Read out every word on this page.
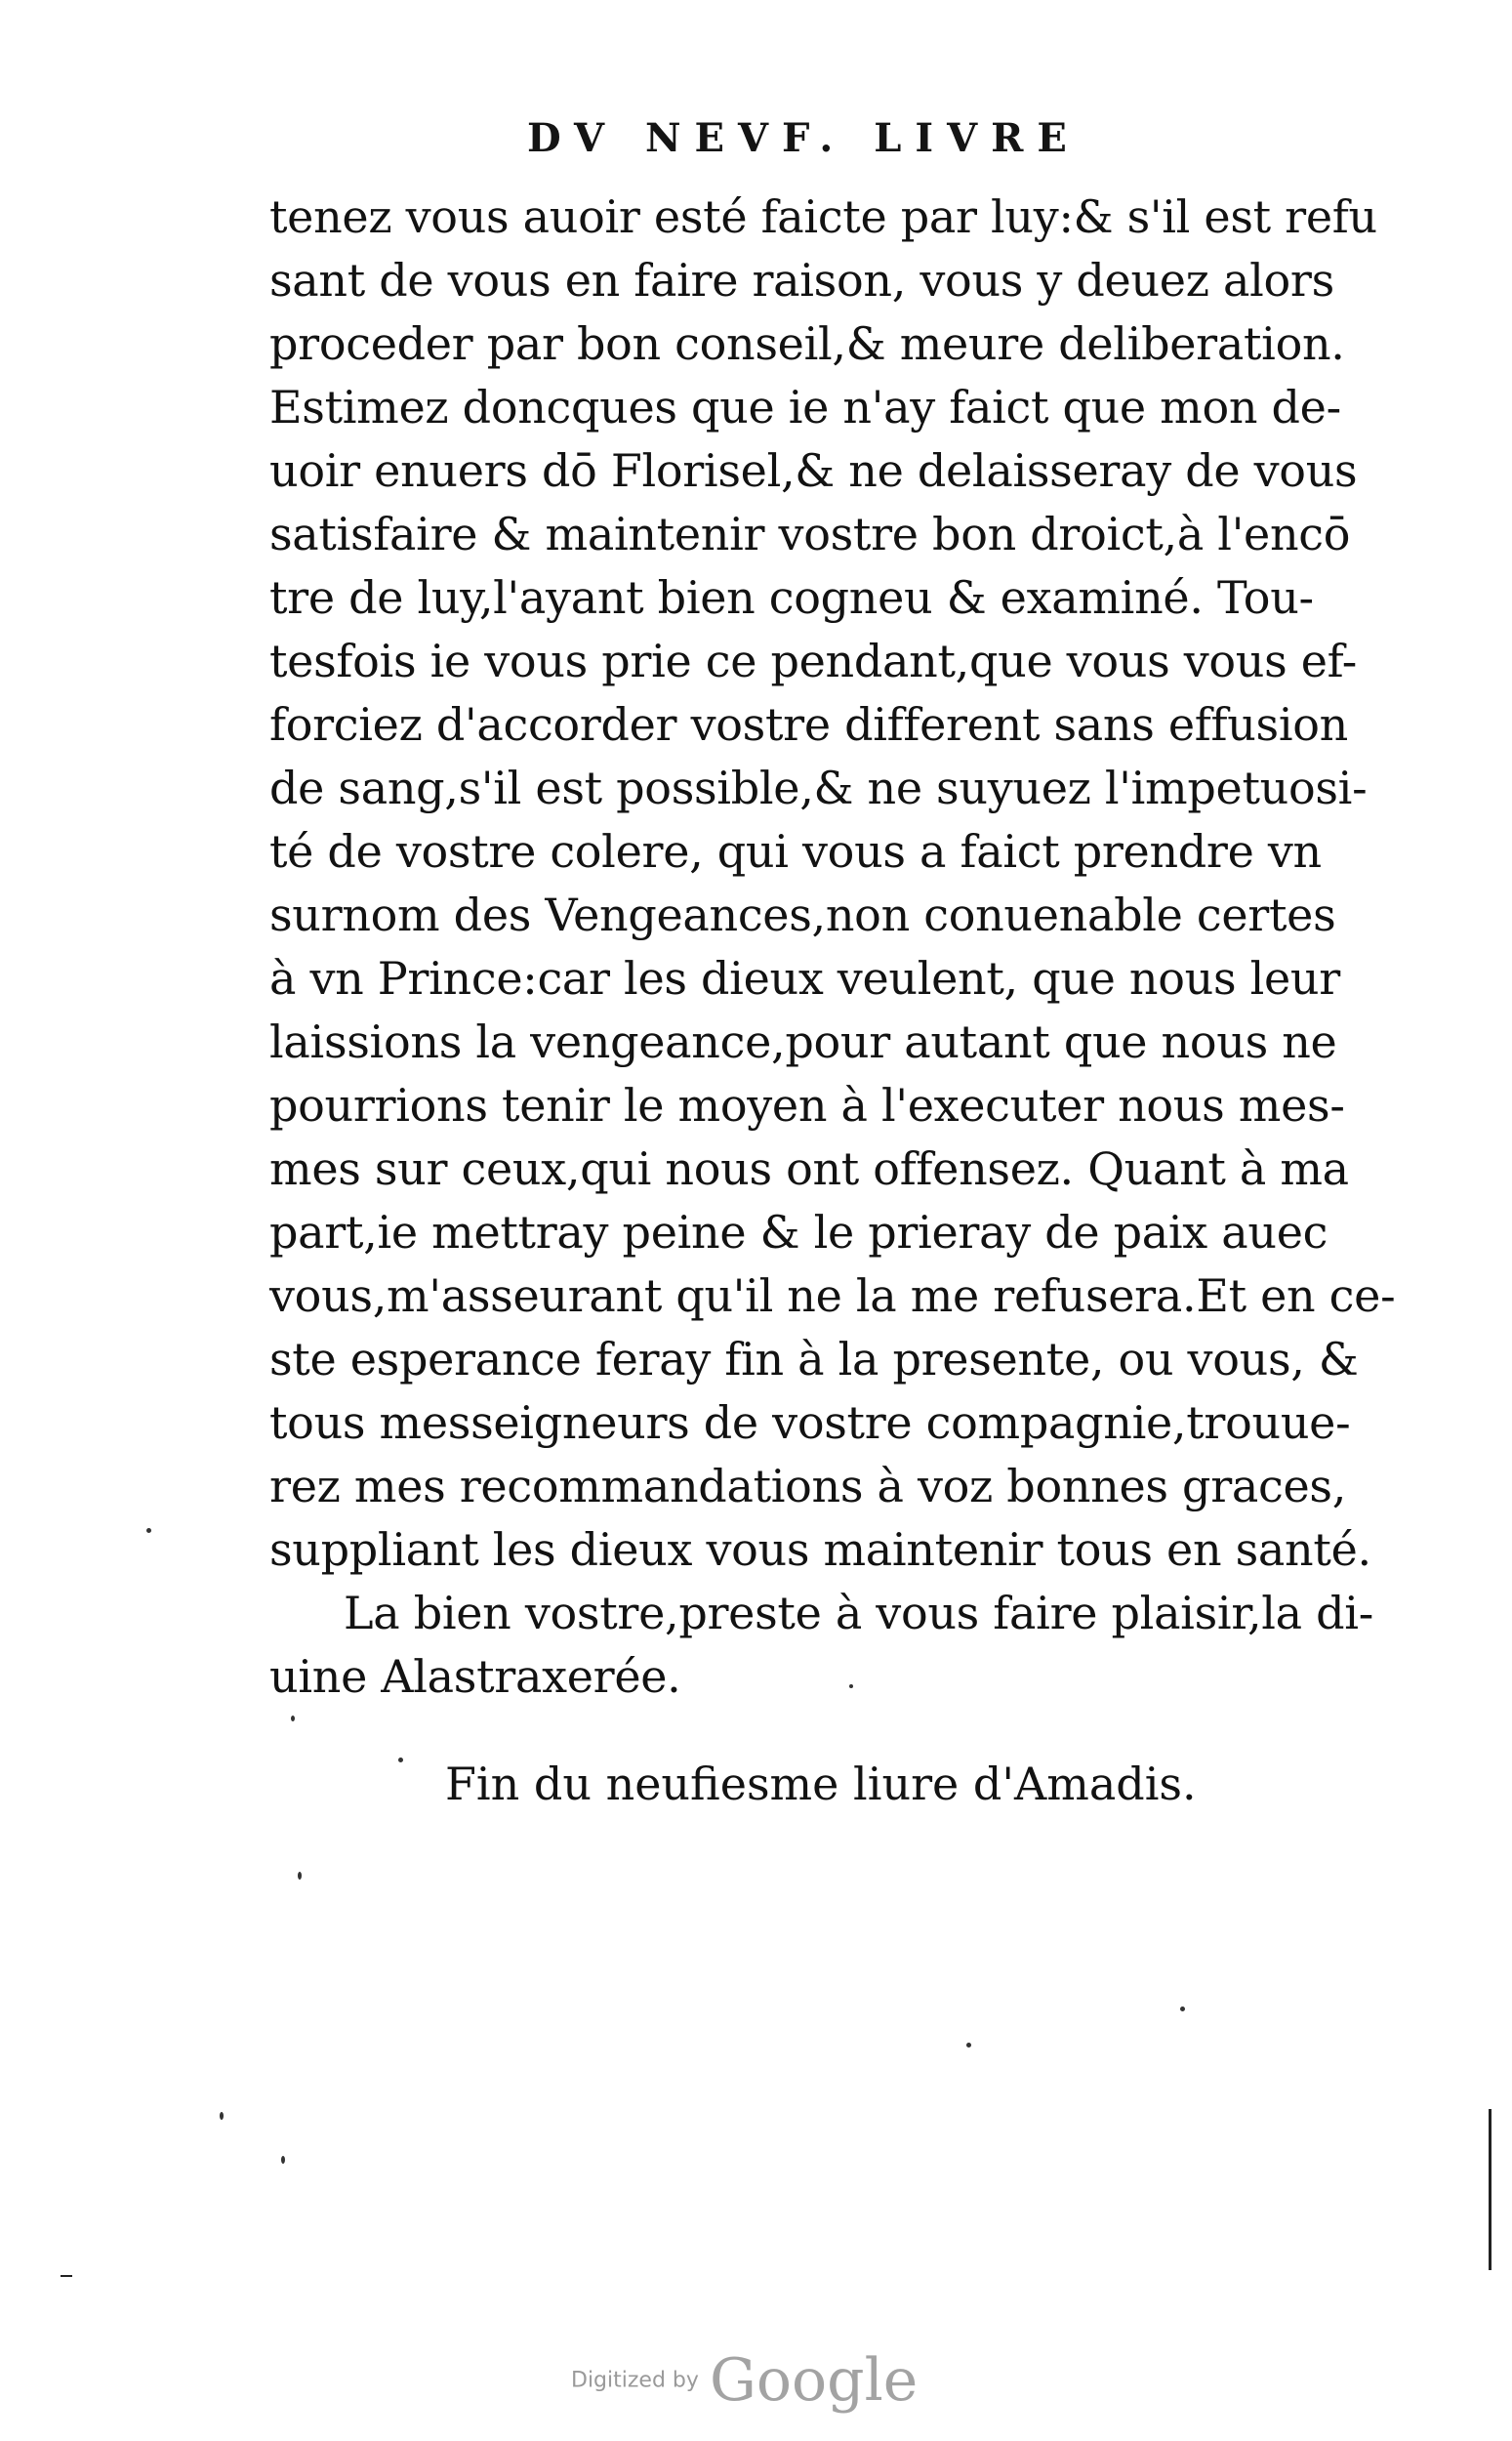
DV NEVF. LIVRE
tenez vous auoir esté faicte par luy:& s'il est refu
sant de vous en faire raison, vous y deuez alors
proceder par bon conseil,& meure deliberation.
Estimez doncques que ie n'ay faict que mon de-
uoir enuers dō Florisel,& ne delaisseray de vous
satisfaire & maintenir vostre bon droict,à l'encō
tre de luy,l'ayant bien cogneu & examiné. Tou-
tesfois ie vous prie ce pendant,que vous vous ef-
forciez d'accorder vostre different sans effusion
de sang,s'il est possible,& ne suyuez l'impetuosi-
té de vostre colere, qui vous a faict prendre vn
surnom des Vengeances,non conuenable certes
à vn Prince:car les dieux veulent, que nous leur
laissions la vengeance,pour autant que nous ne
pourrions tenir le moyen à l'executer nous mes-
mes sur ceux,qui nous ont offensez. Quant à ma
part,ie mettray peine & le prieray de paix auec
vous,m'asseurant qu'il ne la me refusera.Et en ce-
ste esperance feray fin à la presente, ou vous, &
tous messeigneurs de vostre compagnie,trouue-
rez mes recommandations à voz bonnes graces,
suppliant les dieux vous maintenir tous en santé.
La bien vostre,preste à vous faire plaisir,la di-
uine Alastraxerée.
Fin du neufiesme liure d'Amadis.
Digitized by Google
